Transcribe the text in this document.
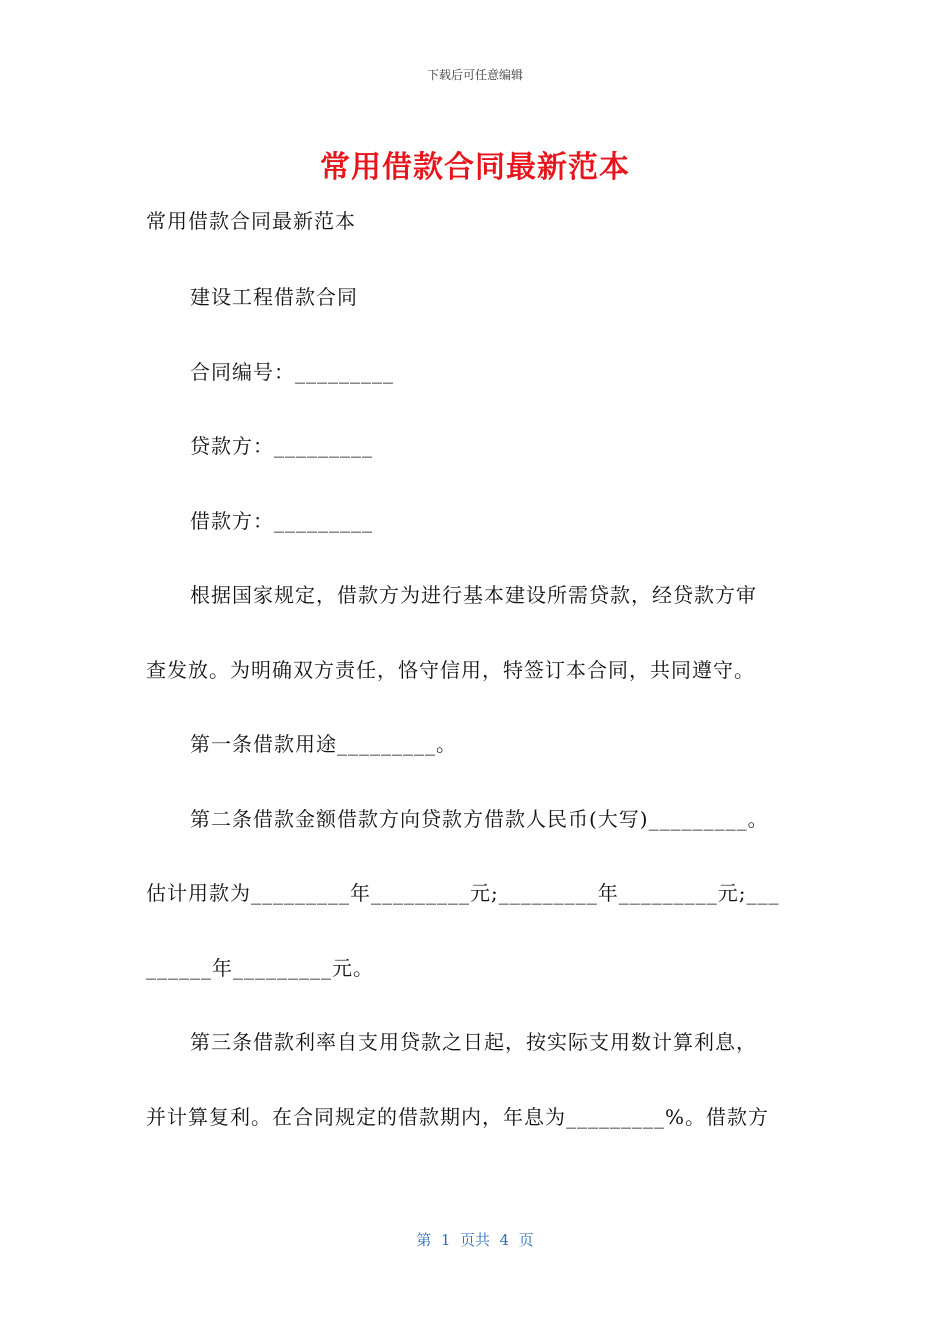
下载后可任意编辑
常用借款合同最新范本
常用借款合同最新范本
建设工程借款合同
合同编号：_________
贷款方：_________
借款方：_________
根据国家规定，借款方为进行基本建设所需贷款，经贷款方审
查发放。为明确双方责任，恪守信用，特签订本合同，共同遵守。
第一条借款用途_________。
第二条借款金额借款方向贷款方借款人民币(大写)_________。
估计用款为_________年_________元;_________年_________元;___
______年_________元。
第三条借款利率自支用贷款之日起，按实际支用数计算利息，
并计算复利。在合同规定的借款期内，年息为_________%。借款方
第  1  页共  4  页
